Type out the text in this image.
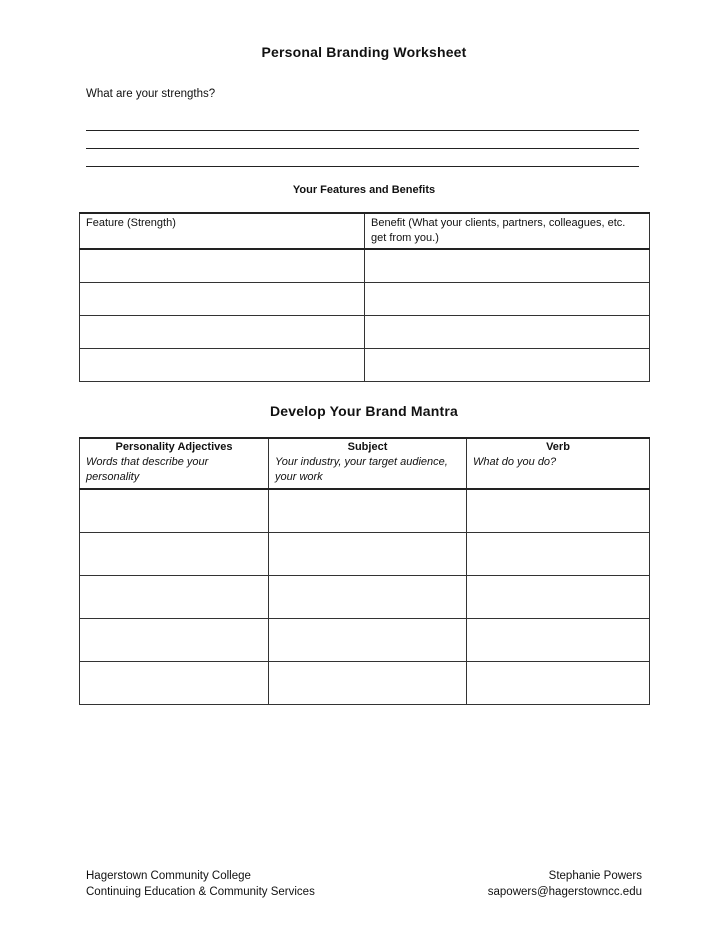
Personal Branding Worksheet
What are your strengths?
Your Features and Benefits
Feature (Strength)	Benefit (What your clients, partners, colleagues, etc. get from you.)

Develop Your Brand Mantra
Personality Adjectives	Subject	Verb
Words that describe your personality	Your industry, your target audience, your work	What do you do?

Hagerstown Community College
Continuing Education & Community Services
Stephanie Powers
sapowers@hagerstowncc.edu
